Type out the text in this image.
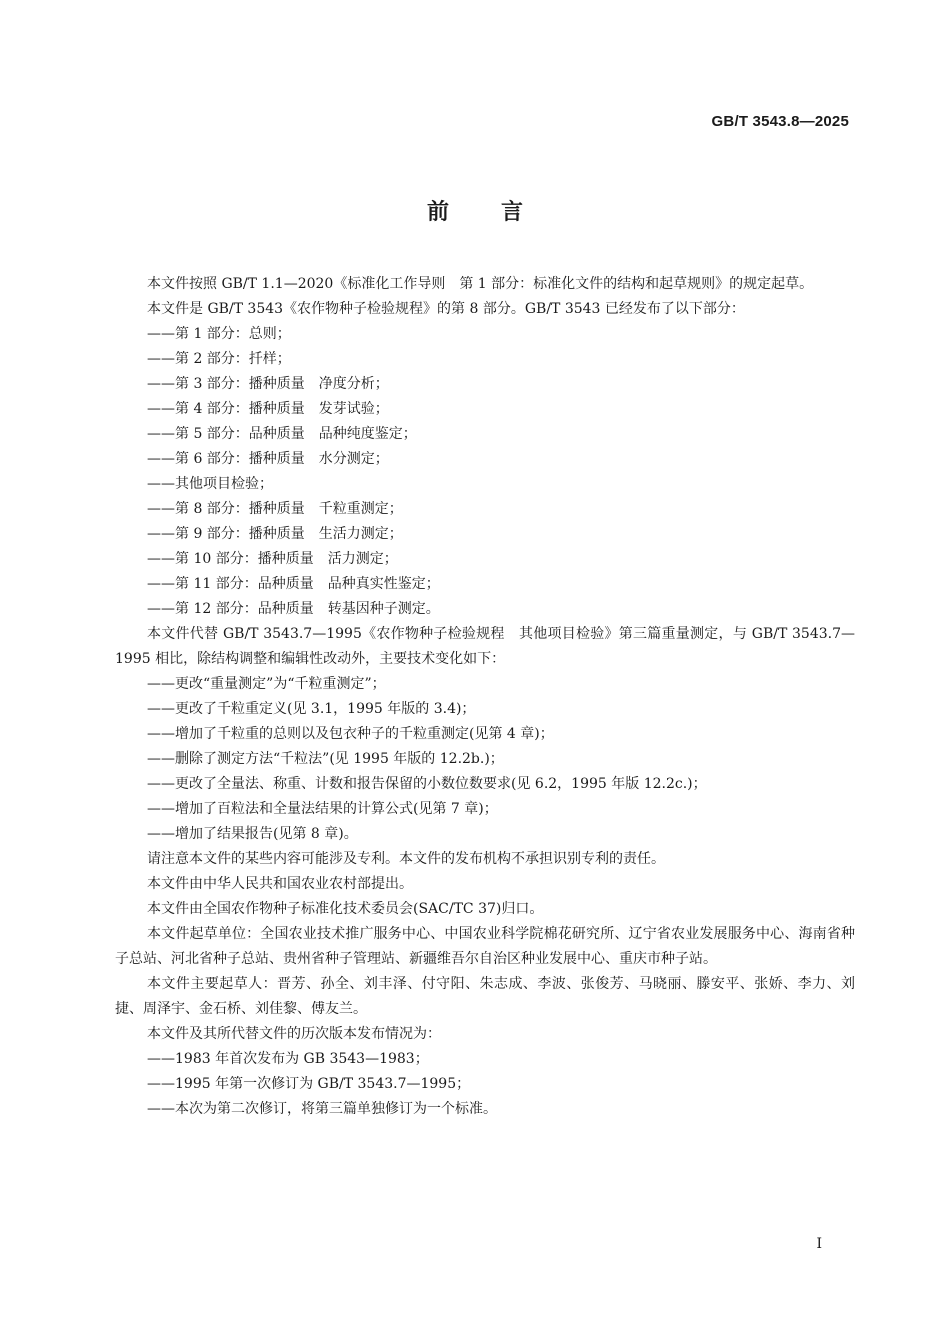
GB/T 3543.8—2025
前 言

本文件按照 GB/T 1.1—2020《标准化工作导则　第 1 部分：标准化文件的结构和起草规则》的规定起草。

本文件是 GB/T 3543《农作物种子检验规程》的第 8 部分。GB/T 3543 已经发布了以下部分：

——第 1 部分：总则；

——第 2 部分：扦样；

——第 3 部分：播种质量　净度分析；

——第 4 部分：播种质量　发芽试验；

——第 5 部分：品种质量　品种纯度鉴定；

——第 6 部分：播种质量　水分测定；

——其他项目检验；

——第 8 部分：播种质量　千粒重测定；

——第 9 部分：播种质量　生活力测定；

——第 10 部分：播种质量　活力测定；

——第 11 部分：品种质量　品种真实性鉴定；

——第 12 部分：品种质量　转基因种子测定。

本文件代替 GB/T 3543.7—1995《农作物种子检验规程　其他项目检验》第三篇重量测定，与 GB/T 3543.7—1995 相比，除结构调整和编辑性改动外，主要技术变化如下：

——更改“重量测定”为“千粒重测定”；

——更改了千粒重定义(见 3.1，1995 年版的 3.4)；

——增加了千粒重的总则以及包衣种子的千粒重测定(见第 4 章)；

——删除了测定方法“千粒法”(见 1995 年版的 12.2b.)；

——更改了全量法、称重、计数和报告保留的小数位数要求(见 6.2，1995 年版 12.2c.)；

——增加了百粒法和全量法结果的计算公式(见第 7 章)；

——增加了结果报告(见第 8 章)。

请注意本文件的某些内容可能涉及专利。本文件的发布机构不承担识别专利的责任。

本文件由中华人民共和国农业农村部提出。

本文件由全国农作物种子标准化技术委员会(SAC/TC 37)归口。

本文件起草单位：全国农业技术推广服务中心、中国农业科学院棉花研究所、辽宁省农业发展服务中心、海南省种子总站、河北省种子总站、贵州省种子管理站、新疆维吾尔自治区种业发展中心、重庆市种子站。

本文件主要起草人：晋芳、孙全、刘丰泽、付守阳、朱志成、李波、张俊芳、马晓丽、滕安平、张娇、李力、刘捷、周泽宇、金石桥、刘佳黎、傅友兰。

本文件及其所代替文件的历次版本发布情况为：

——1983 年首次发布为 GB 3543—1983；

——1995 年第一次修订为 GB/T 3543.7—1995；

——本次为第二次修订，将第三篇单独修订为一个标准。

I
